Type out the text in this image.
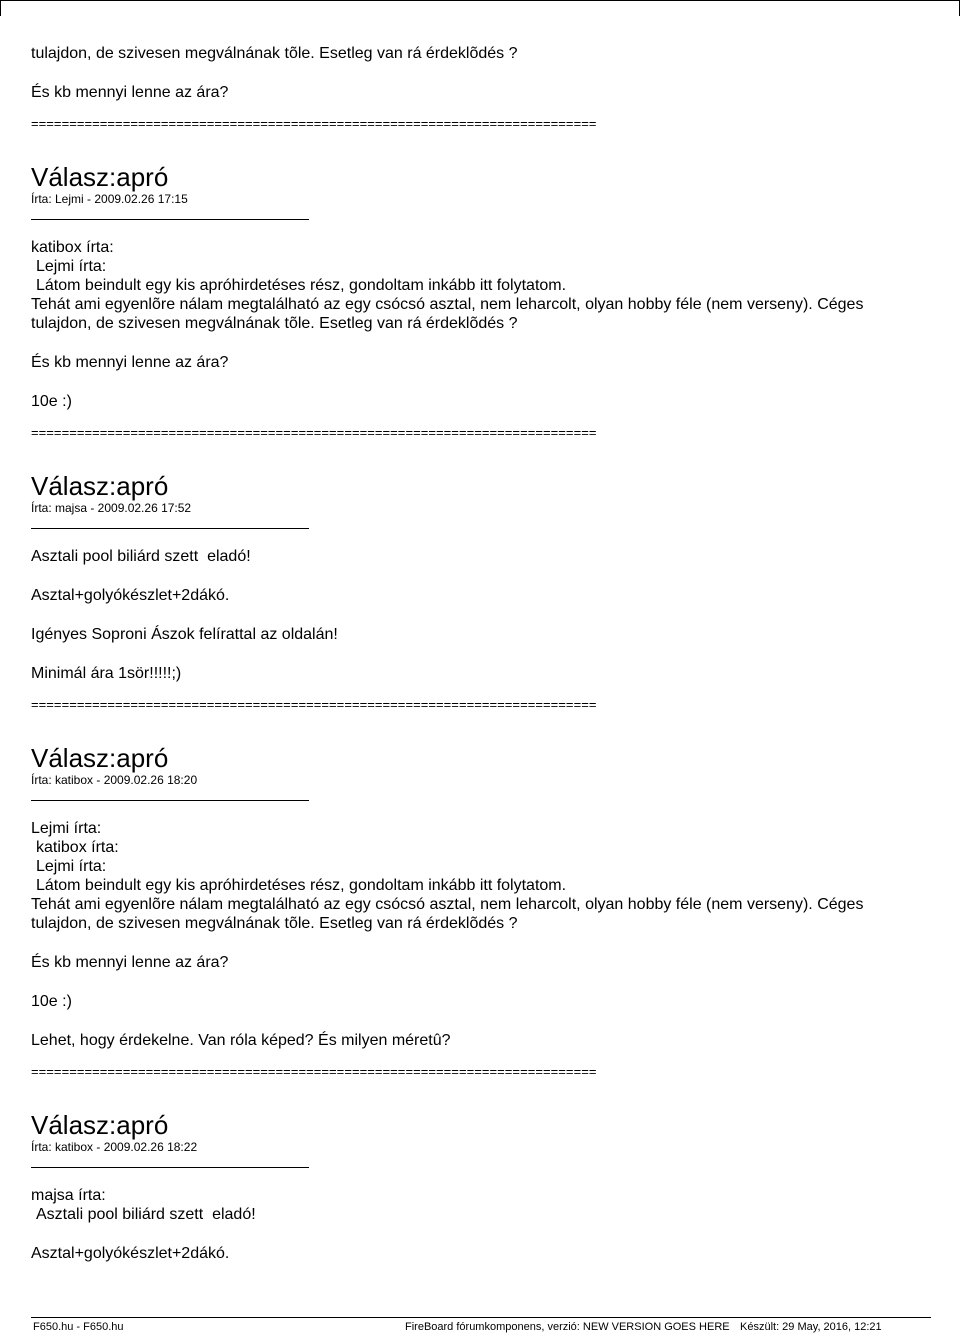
tulajdon, de szivesen megválnának tõle. Esetleg van rá érdeklõdés ?

És kb mennyi lenne az ára?

==========================================================================
Válasz:apró
Írta: Lejmi - 2009.02.26 17:15

katibox írta:

Lejmi írta:

Látom beindult egy kis apróhirdetéses rész, gondoltam inkább itt folytatom.

Tehát ami egyenlõre nálam megtalálható az egy csócsó asztal, nem leharcolt, olyan hobby féle (nem verseny). Céges

tulajdon, de szivesen megválnának tõle. Esetleg van rá érdeklõdés ?

És kb mennyi lenne az ára?

10e :)

==========================================================================
Válasz:apró
Írta: majsa - 2009.02.26 17:52

Asztali pool biliárd szett  eladó!

Asztal+golyókészlet+2dákó.

Igényes Soproni Ászok felírattal az oldalán!

Minimál ára 1sör!!!!!;)

==========================================================================
Válasz:apró
Írta: katibox - 2009.02.26 18:20

Lejmi írta:

katibox írta:

Lejmi írta:

Látom beindult egy kis apróhirdetéses rész, gondoltam inkább itt folytatom.

Tehát ami egyenlõre nálam megtalálható az egy csócsó asztal, nem leharcolt, olyan hobby féle (nem verseny). Céges

tulajdon, de szivesen megválnának tõle. Esetleg van rá érdeklõdés ?

És kb mennyi lenne az ára?

10e :)

Lehet, hogy érdekelne. Van róla képed? És milyen méretû?

==========================================================================
Válasz:apró
Írta: katibox - 2009.02.26 18:22

majsa írta:

Asztali pool biliárd szett  eladó!

Asztal+golyókészlet+2dákó.

F650.hu - F650.hu	FireBoard fórumkomponens, verzió: NEW VERSION GOES HERE Készült: 29 May, 2016, 12:21
